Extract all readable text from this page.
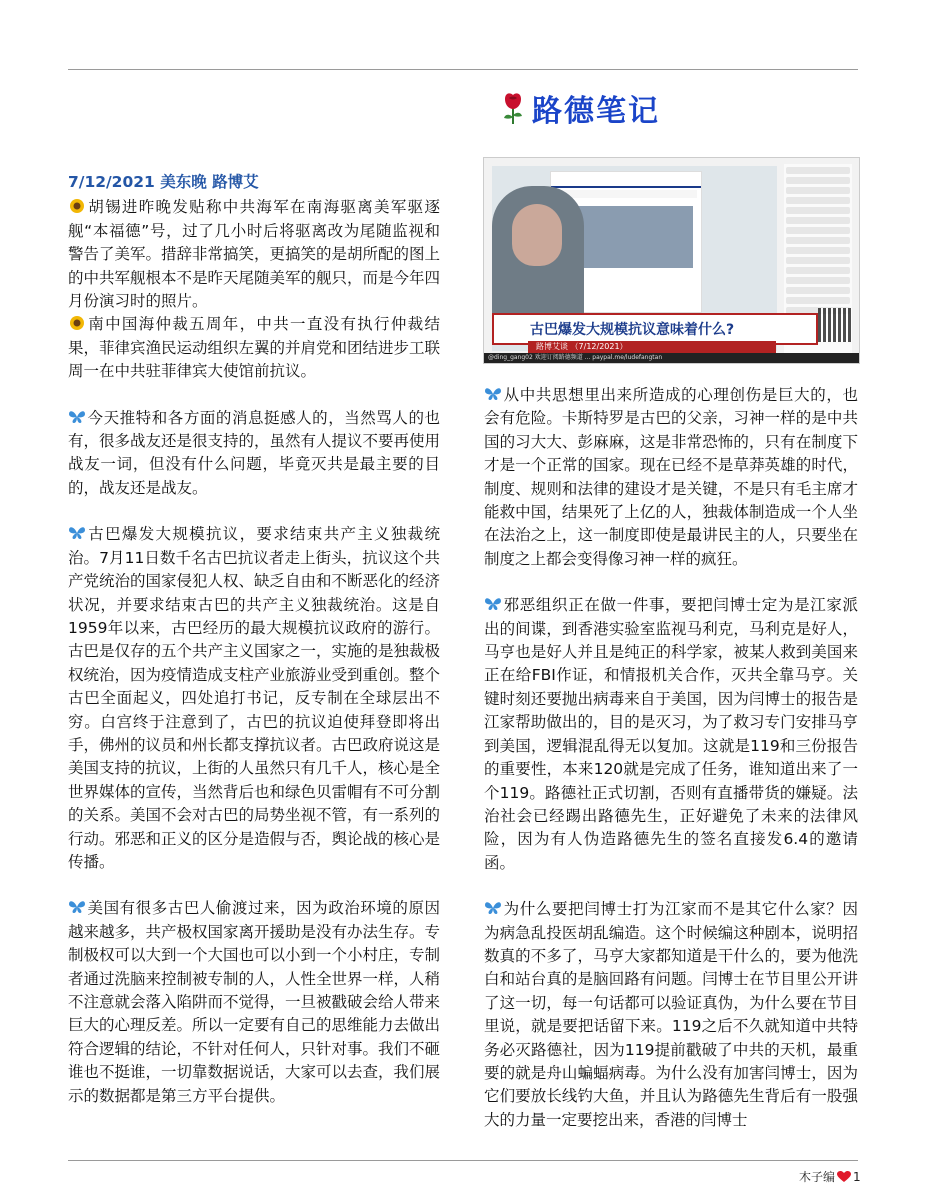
路德笔记
古巴爆发大规模抗议意味着什么?
路博艾谈 （7/12/2021）
@ding_gang02 欢迎订阅路德频道 ... paypal.me/ludefangtan
7/12/2021 美东晚 路博艾

胡锡进昨晚发贴称中共海军在南海驱离美军驱逐舰“本福德”号，过了几小时后将驱离改为尾随监视和警告了美军。措辞非常搞笑，更搞笑的是胡所配的图上的中共军舰根本不是昨天尾随美军的舰只，而是今年四月份演习时的照片。

南中国海仲裁五周年，中共一直没有执行仲裁结果，菲律宾渔民运动组织左翼的并肩党和团结进步工联周一在中共驻菲律宾大使馆前抗议。

今天推特和各方面的消息挺感人的，当然骂人的也有，很多战友还是很支持的，虽然有人提议不要再使用战友一词，但没有什么问题，毕竟灭共是最主要的目的，战友还是战友。

古巴爆发大规模抗议，要求结束共产主义独裁统治。7月11日数千名古巴抗议者走上街头，抗议这个共产党统治的国家侵犯人权、缺乏自由和不断恶化的经济状况，并要求结束古巴的共产主义独裁统治。这是自1959年以来，古巴经历的最大规模抗议政府的游行。古巴是仅存的五个共产主义国家之一，实施的是独裁极权统治，因为疫情造成支柱产业旅游业受到重创。整个古巴全面起义，四处追打书记，反专制在全球层出不穷。白宫终于注意到了，古巴的抗议迫使拜登即将出手，佛州的议员和州长都支撑抗议者。古巴政府说这是美国支持的抗议，上街的人虽然只有几千人，核心是全世界媒体的宣传，当然背后也和绿色贝雷帽有不可分割的关系。美国不会对古巴的局势坐视不管，有一系列的行动。邪恶和正义的区分是造假与否，舆论战的核心是传播。

美国有很多古巴人偷渡过来，因为政治环境的原因越来越多，共产极权国家离开援助是没有办法生存。专制极权可以大到一个大国也可以小到一个小村庄，专制者通过洗脑来控制被专制的人，人性全世界一样，人稍不注意就会落入陷阱而不觉得，一旦被戳破会给人带来巨大的心理反差。所以一定要有自己的思维能力去做出符合逻辑的结论，不针对任何人，只针对事。我们不砸谁也不挺谁，一切靠数据说话，大家可以去查，我们展示的数据都是第三方平台提供。

从中共思想里出来所造成的心理创伤是巨大的，也会有危险。卡斯特罗是古巴的父亲，习神一样的是中共国的习大大、彭麻麻，这是非常恐怖的，只有在制度下才是一个正常的国家。现在已经不是草莽英雄的时代，制度、规则和法律的建设才是关键，不是只有毛主席才能救中国，结果死了上亿的人，独裁体制造成一个人坐在法治之上，这一制度即使是最讲民主的人，只要坐在制度之上都会变得像习神一样的疯狂。

邪恶组织正在做一件事，要把闫博士定为是江家派出的间谍，到香港实验室监视马利克，马利克是好人，马亨也是好人并且是纯正的科学家，被某人救到美国来正在给FBI作证，和情报机关合作，灭共全靠马亨。关键时刻还要抛出病毒来自于美国，因为闫博士的报告是江家帮助做出的，目的是灭习，为了救习专门安排马亨到美国，逻辑混乱得无以复加。这就是119和三份报告的重要性，本来120就是完成了任务，谁知道出来了一个119。路德社正式切割，否则有直播带货的嫌疑。法治社会已经踢出路德先生，正好避免了未来的法律风险，因为有人伪造路德先生的签名直接发6.4的邀请函。

为什么要把闫博士打为江家而不是其它什么家？因为病急乱投医胡乱编造。这个时候编这种剧本，说明招数真的不多了，马亨大家都知道是干什么的，要为他洗白和站台真的是脑回路有问题。闫博士在节目里公开讲了这一切，每一句话都可以验证真伪，为什么要在节目里说，就是要把话留下来。119之后不久就知道中共特务必灭路德社，因为119提前戳破了中共的天机，最重要的就是舟山蝙蝠病毒。为什么没有加害闫博士，因为它们要放长线钓大鱼，并且认为路德先生背后有一股强大的力量一定要挖出来，香港的闫博士

木子编 1
